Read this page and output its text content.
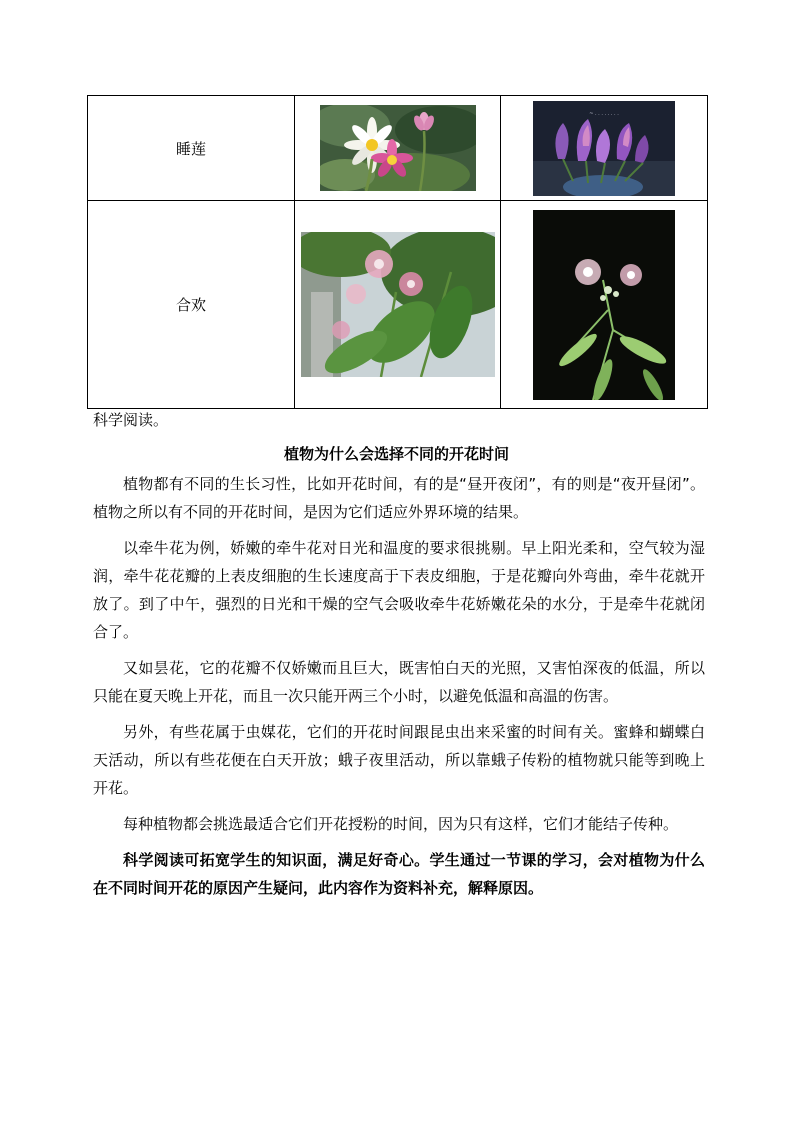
睡莲		~ . . . . . . . .

合欢	

科学阅读。
植物为什么会选择不同的开花时间

植物都有不同的生长习性，比如开花时间，有的是“昼开夜闭”，有的则是“夜开昼闭”。植物之所以有不同的开花时间，是因为它们适应外界环境的结果。

以牵牛花为例，娇嫩的牵牛花对日光和温度的要求很挑剔。早上阳光柔和，空气较为湿润，牵牛花花瓣的上表皮细胞的生长速度高于下表皮细胞，于是花瓣向外弯曲，牵牛花就开放了。到了中午，强烈的日光和干燥的空气会吸收牵牛花娇嫩花朵的水分，于是牵牛花就闭合了。

又如昙花，它的花瓣不仅娇嫩而且巨大，既害怕白天的光照，又害怕深夜的低温，所以只能在夏天晚上开花，而且一次只能开两三个小时，以避免低温和高温的伤害。

另外，有些花属于虫媒花，它们的开花时间跟昆虫出来采蜜的时间有关。蜜蜂和蝴蝶白天活动，所以有些花便在白天开放；蛾子夜里活动，所以靠蛾子传粉的植物就只能等到晚上开花。

每种植物都会挑选最适合它们开花授粉的时间，因为只有这样，它们才能结子传种。

科学阅读可拓宽学生的知识面，满足好奇心。学生通过一节课的学习，会对植物为什么在不同时间开花的原因产生疑问，此内容作为资料补充，解释原因。
